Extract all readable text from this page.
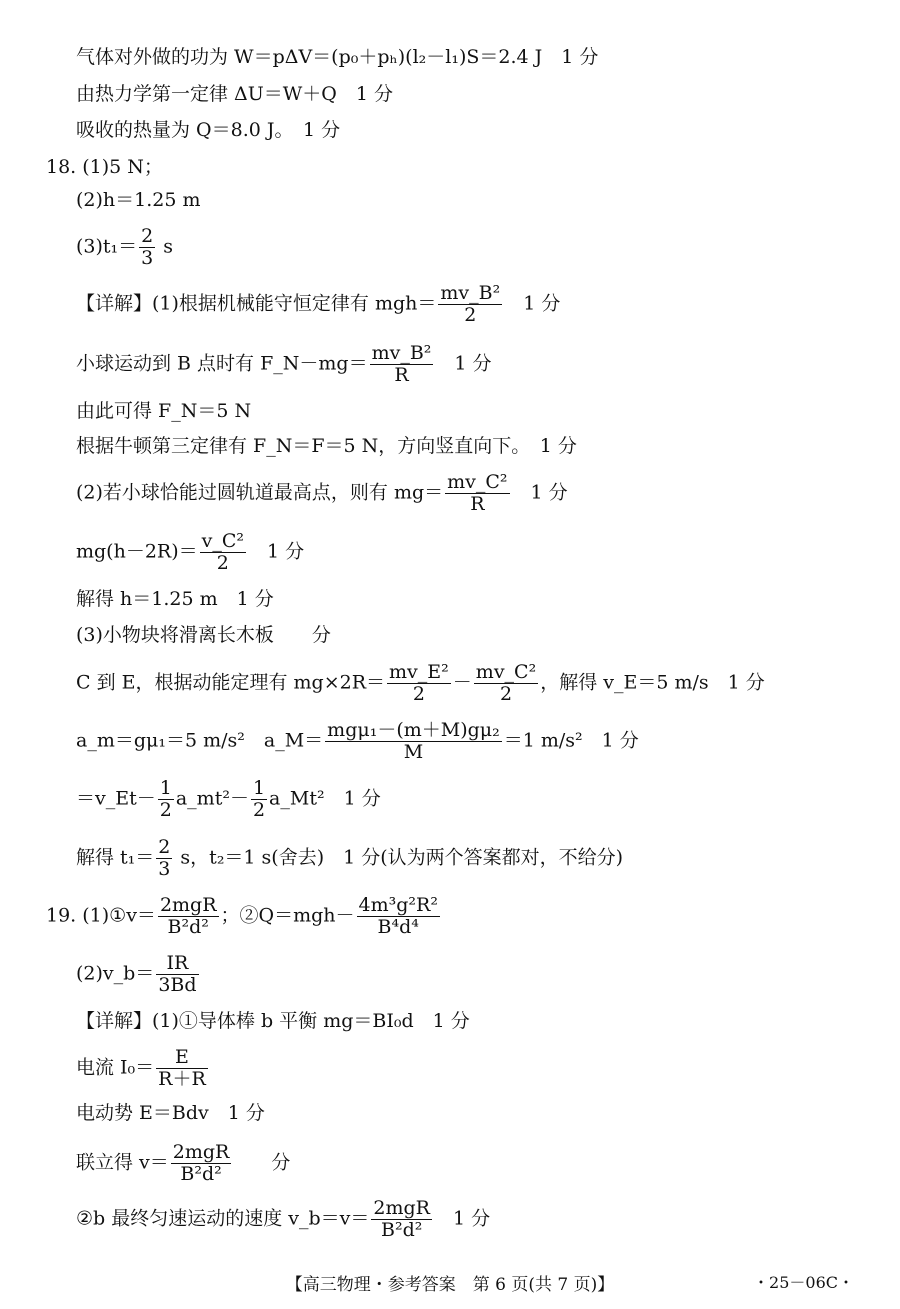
气体对外做的功为 W＝pΔV＝(p₀＋pₕ)(l₂－l₁)S＝2.4 J　1 分
由热力学第一定律 ΔU＝W＋Q　1 分
吸收的热量为 Q＝8.0 J。　1 分
18. (1)5 N；
(2)h＝1.25 m
$(3)t_1= \frac{2}{3}$ s
【详解】(1)根据机械能守恒定律有 $mgh= \frac{\text{mv\_B²}}{2}$ 　1 分
小球运动到 B 点时有 F_N－mg＝ $\frac{\text{mv\_B²}}{R}$ 　1 分
由此可得 F_N＝5 N
根据牛顿第三定律有 F_N＝F＝5 N，方向竖直向下。　1 分
(2)若小球恰能过圆轨道最高点，则有 $mg= \frac{\text{mv\_C²}}{R}$ 　1 分
$mg(h-2R)= \frac{\text{v\_C²}}{2}$ 　1 分
解得 h＝1.25 m　1 分
(3)小物块将滑离长木板　　分
C 到 E，根据动能定理有 $mg\times 2R= \frac{\text{mv\_E²}}{2} - \frac{\text{mv\_C²}}{2}$ ，解得 v_E＝5 m/s　1 分
a_m＝gμ₁＝5 m/s²　a_M＝ $\frac{\text{mgμ₁－(m＋M)gμ₂}}{M} =1$ m/s²　1 分
＝v_Et－ $\frac{1}{2}$ a_mt²－ $\frac{1}{2}$ a_Mt²　1 分
解得 $t_1= \frac{2}{3}$ s，t₂＝1 s(舍去)　1 分(认为两个答案都对，不给分)
19. (1)①v＝ $\frac{\text{2mgR}}{\text{B²d²}}$ ；②Q＝mgh－ $\frac{\text{4m³g²R²}}{\text{B⁴d⁴}}$
(2)v_b＝ $\frac{IR}{3Bd}$
【详解】(1)①导体棒 b 平衡 mg＝BI₀d　1 分
电流 $I_0= \frac{E}{R+R}$
电动势 E＝Bdv　1 分
联立得 $v= \frac{\text{2mgR}}{\text{B²d²}}$ 　　分
②b 最终匀速运动的速度 v_b＝v＝ $\frac{\text{2mgR}}{\text{B²d²}}$ 　1 分
【高三物理・参考答案　第 6 页(共 7 页)】	・25－06C・
